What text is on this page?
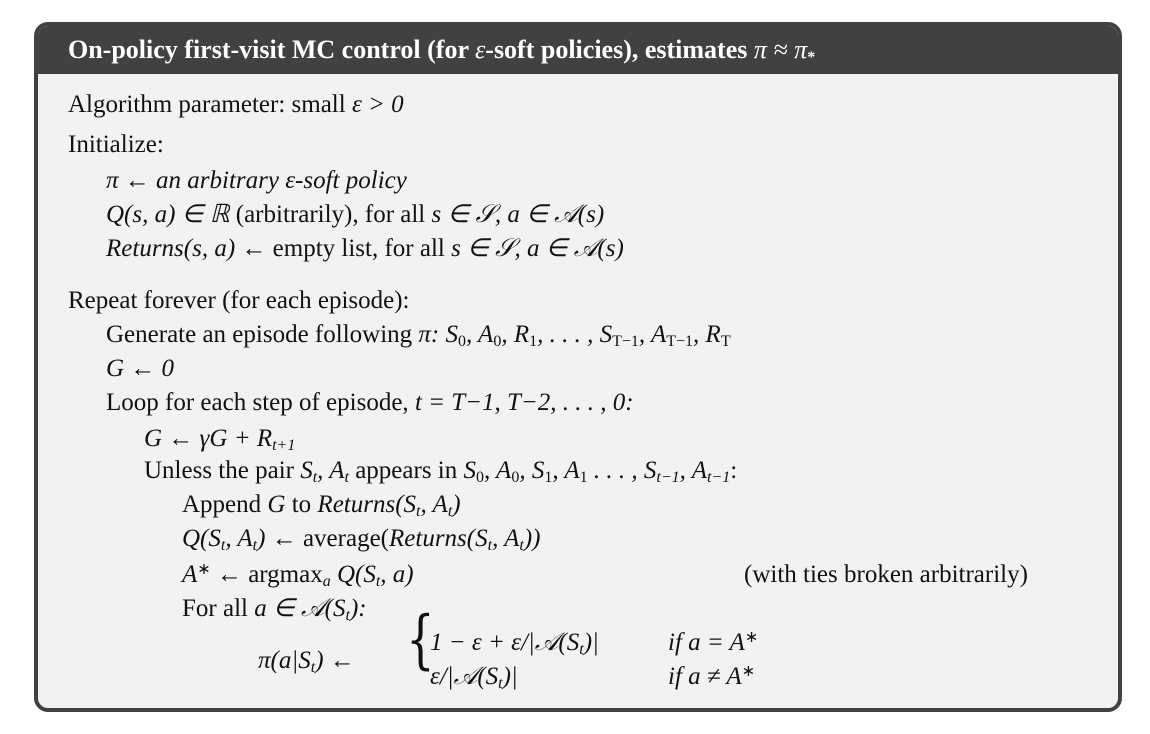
On-policy first-visit MC control (for ε-soft policies), estimates $\pi \approx \pi_*$
Algorithm parameter: small ε > 0
Initialize:
π ← an arbitrary ε-soft policy
Q(s, a) ∈ ℝ (arbitrarily), for all s ∈ 𝒮, a ∈ 𝒜(s)
Returns(s, a) ← empty list, for all s ∈ 𝒮, a ∈ 𝒜(s)
Repeat forever (for each episode):
Generate an episode following π: $S_0$, $A_0$, $R_1$, . . . , $S_{T-1}$, $A_{T-1}$, $R_T$
G ← 0
Loop for each step of episode, t = T−1, T−2, . . . , 0:
G ← $\gamma G + R_{t+1}$
Unless the pair $S_t$, $A_t$ appears in $S_0$, $A_0$, $S_1$, $A_1$ . . . , $S_{t-1}$, $A_{t-1}$:
Append G to $Returns(S_t$, $A_t$)
$Q(S_t$, $A_t$) ← $average(Returns(S_t$, $A_t$))
A∗ ← argmax$_a$ $Q(S_t$, a)	(with ties broken arbitrarily)
For all a ∈ $𝒜(S_t)$:
$\pi(a|S_t)$ ← {
$1 - \varepsilon + \varepsilon/|𝒜(S_t)|$	if a = A∗
$\varepsilon/|𝒜(S_t)|$	if a ≠ A∗
